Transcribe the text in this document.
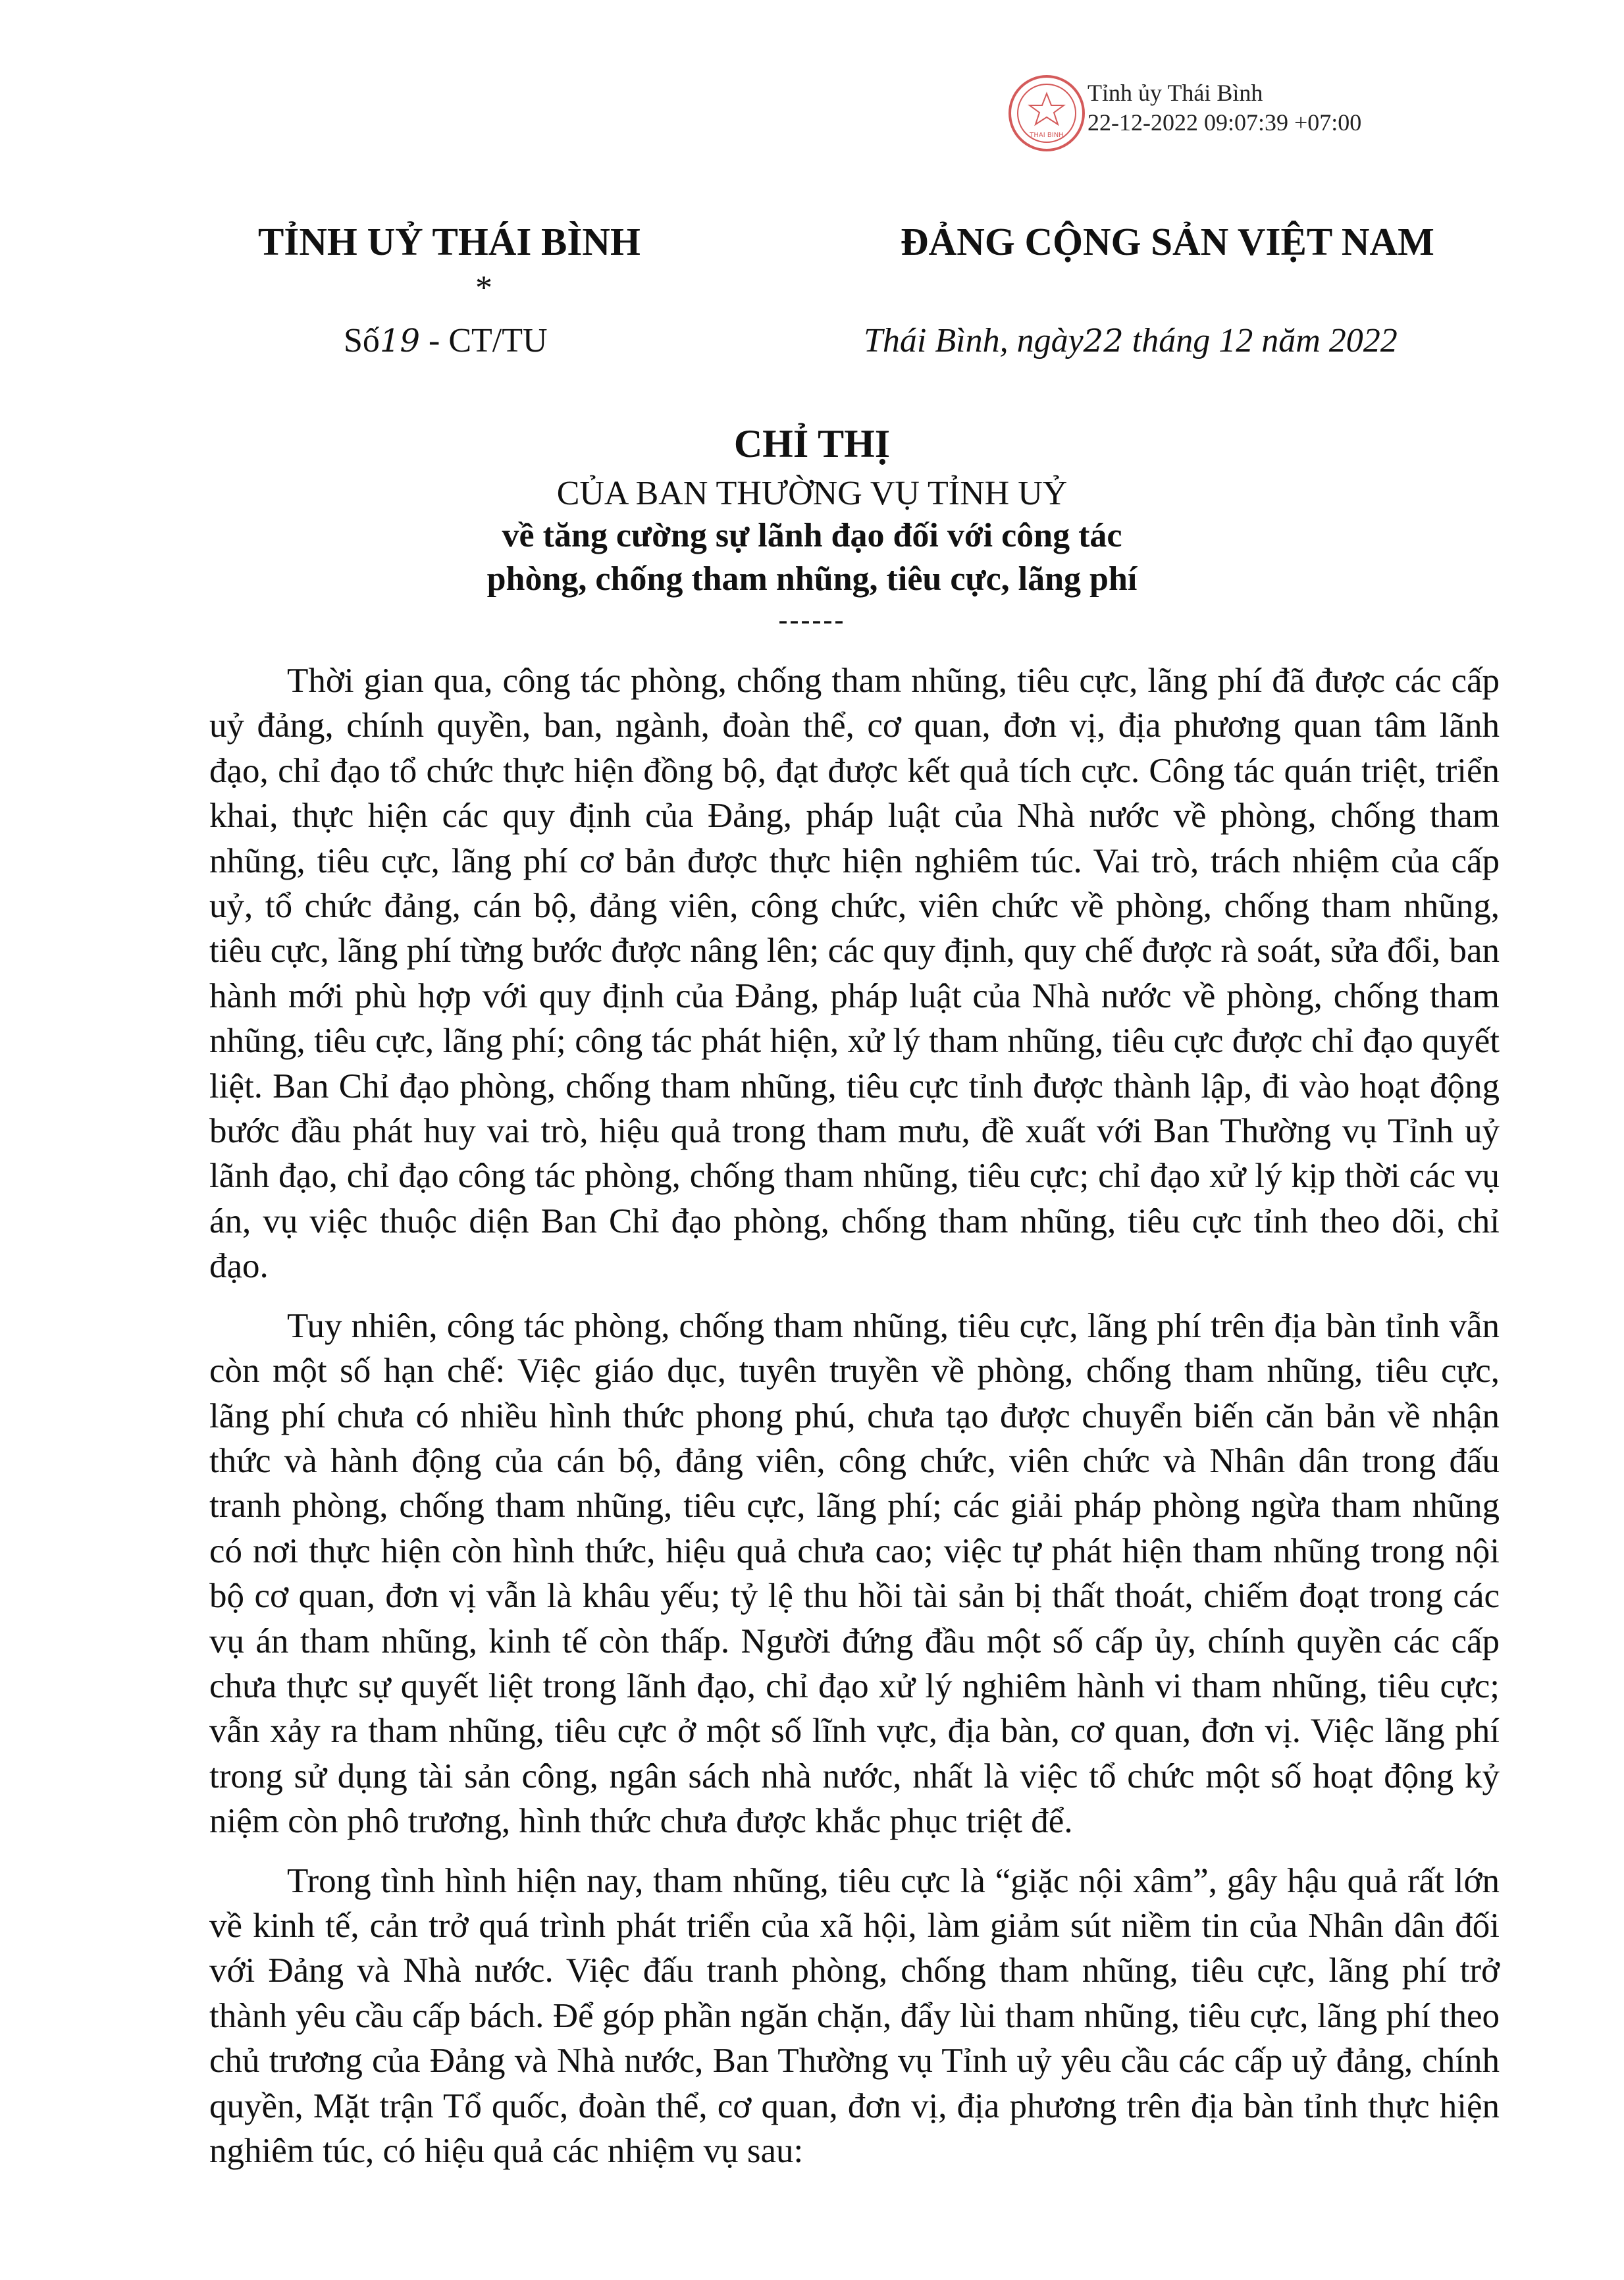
THAI BINH
Tỉnh ủy Thái Bình
22-12-2022 09:07:39 +07:00
TỈNH UỶ THÁI BÌNH	ĐẢNG CỘNG SẢN VIỆT NAM
*
Số19 - CT/TU	Thái Bình, ngày22 tháng 12 năm 2022
CHỈ THỊ
CỦA BAN THƯỜNG VỤ TỈNH UỶ
về tăng cường sự lãnh đạo đối với công tác
phòng, chống tham nhũng, tiêu cực, lãng phí
------

Thời gian qua, công tác phòng, chống tham nhũng, tiêu cực, lãng phí đã được các cấp uỷ đảng, chính quyền, ban, ngành, đoàn thể, cơ quan, đơn vị, địa phương quan tâm lãnh đạo, chỉ đạo tổ chức thực hiện đồng bộ, đạt được kết quả tích cực. Công tác quán triệt, triển khai, thực hiện các quy định của Đảng, pháp luật của Nhà nước về phòng, chống tham nhũng, tiêu cực, lãng phí cơ bản được thực hiện nghiêm túc. Vai trò, trách nhiệm của cấp uỷ, tổ chức đảng, cán bộ, đảng viên, công chức, viên chức về phòng, chống tham nhũng, tiêu cực, lãng phí từng bước được nâng lên; các quy định, quy chế được rà soát, sửa đổi, ban hành mới phù hợp với quy định của Đảng, pháp luật của Nhà nước về phòng, chống tham nhũng, tiêu cực, lãng phí; công tác phát hiện, xử lý tham nhũng, tiêu cực được chỉ đạo quyết liệt. Ban Chỉ đạo phòng, chống tham nhũng, tiêu cực tỉnh được thành lập, đi vào hoạt động bước đầu phát huy vai trò, hiệu quả trong tham mưu, đề xuất với Ban Thường vụ Tỉnh uỷ lãnh đạo, chỉ đạo công tác phòng, chống tham nhũng, tiêu cực; chỉ đạo xử lý kịp thời các vụ án, vụ việc thuộc diện Ban Chỉ đạo phòng, chống tham nhũng, tiêu cực tỉnh theo dõi, chỉ đạo.

Tuy nhiên, công tác phòng, chống tham nhũng, tiêu cực, lãng phí trên địa bàn tỉnh vẫn còn một số hạn chế: Việc giáo dục, tuyên truyền về phòng, chống tham nhũng, tiêu cực, lãng phí chưa có nhiều hình thức phong phú, chưa tạo được chuyển biến căn bản về nhận thức và hành động của cán bộ, đảng viên, công chức, viên chức và Nhân dân trong đấu tranh phòng, chống tham nhũng, tiêu cực, lãng phí; các giải pháp phòng ngừa tham nhũng có nơi thực hiện còn hình thức, hiệu quả chưa cao; việc tự phát hiện tham nhũng trong nội bộ cơ quan, đơn vị vẫn là khâu yếu; tỷ lệ thu hồi tài sản bị thất thoát, chiếm đoạt trong các vụ án tham nhũng, kinh tế còn thấp. Người đứng đầu một số cấp ủy, chính quyền các cấp chưa thực sự quyết liệt trong lãnh đạo, chỉ đạo xử lý nghiêm hành vi tham nhũng, tiêu cực; vẫn xảy ra tham nhũng, tiêu cực ở một số lĩnh vực, địa bàn, cơ quan, đơn vị. Việc lãng phí trong sử dụng tài sản công, ngân sách nhà nước, nhất là việc tổ chức một số hoạt động kỷ niệm còn phô trương, hình thức chưa được khắc phục triệt để.

Trong tình hình hiện nay, tham nhũng, tiêu cực là “giặc nội xâm”, gây hậu quả rất lớn về kinh tế, cản trở quá trình phát triển của xã hội, làm giảm sút niềm tin của Nhân dân đối với Đảng và Nhà nước. Việc đấu tranh phòng, chống tham nhũng, tiêu cực, lãng phí trở thành yêu cầu cấp bách. Để góp phần ngăn chặn, đẩy lùi tham nhũng, tiêu cực, lãng phí theo chủ trương của Đảng và Nhà nước, Ban Thường vụ Tỉnh uỷ yêu cầu các cấp uỷ đảng, chính quyền, Mặt trận Tổ quốc, đoàn thể, cơ quan, đơn vị, địa phương trên địa bàn tỉnh thực hiện nghiêm túc, có hiệu quả các nhiệm vụ sau:
